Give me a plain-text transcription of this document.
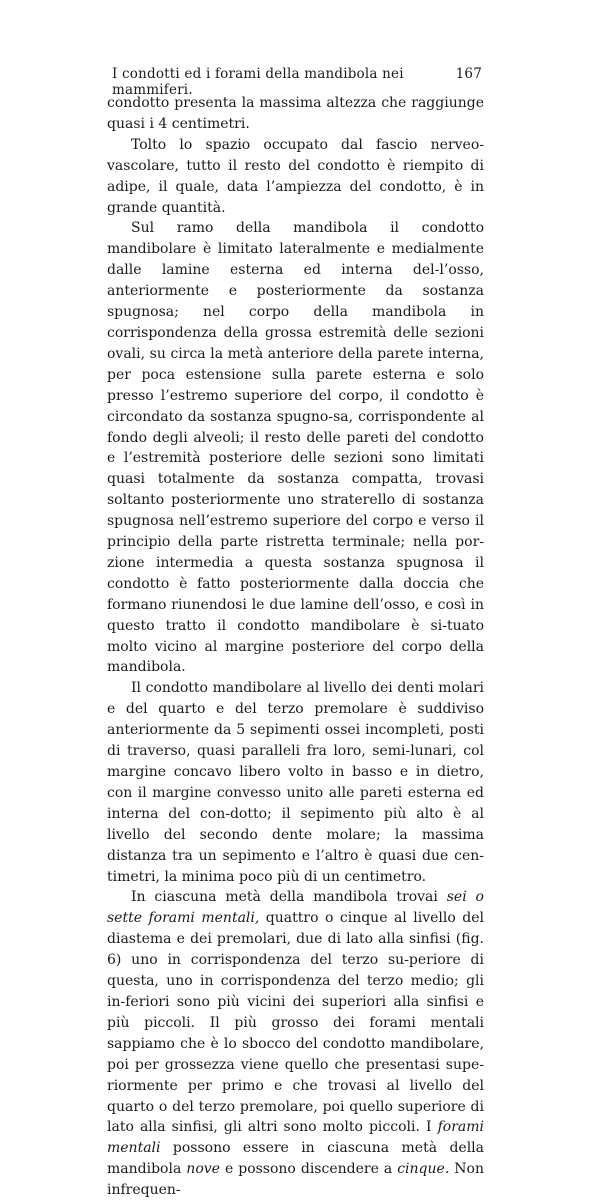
I condotti ed i forami della mandibola nei mammiferi.
167

condotto presenta la massima altezza che raggiunge quasi i 4 centimetri.

Tolto lo spazio occupato dal fascio nerveo-vascolare, tutto il resto del condotto è riempito di adipe, il quale, data l’ampiezza del condotto, è in grande quantità.

Sul ramo della mandibola il condotto mandibolare è limitato lateralmente e medialmente dalle lamine esterna ed interna del-l’osso, anteriormente e posteriormente da sostanza spugnosa; nel corpo della mandibola in corrispondenza della grossa estremità delle sezioni ovali, su circa la metà anteriore della parete interna, per poca estensione sulla parete esterna e solo presso l’estremo superiore del corpo, il condotto è circondato da sostanza spugno-sa, corrispondente al fondo degli alveoli; il resto delle pareti del condotto e l’estremità posteriore delle sezioni sono limitati quasi totalmente da sostanza compatta, trovasi soltanto posteriormente uno straterello di sostanza spugnosa nell’estremo superiore del corpo e verso il principio della parte ristretta terminale; nella por-zione intermedia a questa sostanza spugnosa il condotto è fatto posteriormente dalla doccia che formano riunendosi le due lamine dell’osso, e così in questo tratto il condotto mandibolare è si-tuato molto vicino al margine posteriore del corpo della mandibola.

Il condotto mandibolare al livello dei denti molari e del quarto e del terzo premolare è suddiviso anteriormente da 5 sepimenti ossei incompleti, posti di traverso, quasi paralleli fra loro, semi-lunari, col margine concavo libero volto in basso e in dietro, con il margine convesso unito alle pareti esterna ed interna del con-dotto; il sepimento più alto è al livello del secondo dente molare; la massima distanza tra un sepimento e l’altro è quasi due cen-timetri, la minima poco più di un centimetro.

In ciascuna metà della mandibola trovai sei o sette forami mentali, quattro o cinque al livello del diastema e dei premolari, due di lato alla sinfisi (fig. 6) uno in corrispondenza del terzo su-periore di questa, uno in corrispondenza del terzo medio; gli in-feriori sono più vicini dei superiori alla sinfisi e più piccoli. Il più grosso dei forami mentali sappiamo che è lo sbocco del condotto mandibolare, poi per grossezza viene quello che presentasi supe-riormente per primo e che trovasi al livello del quarto o del terzo premolare, poi quello superiore di lato alla sinfisi, gli altri sono molto piccoli. I forami mentali possono essere in ciascuna metà della mandibola nove e possono discendere a cinque. Non infrequen-
